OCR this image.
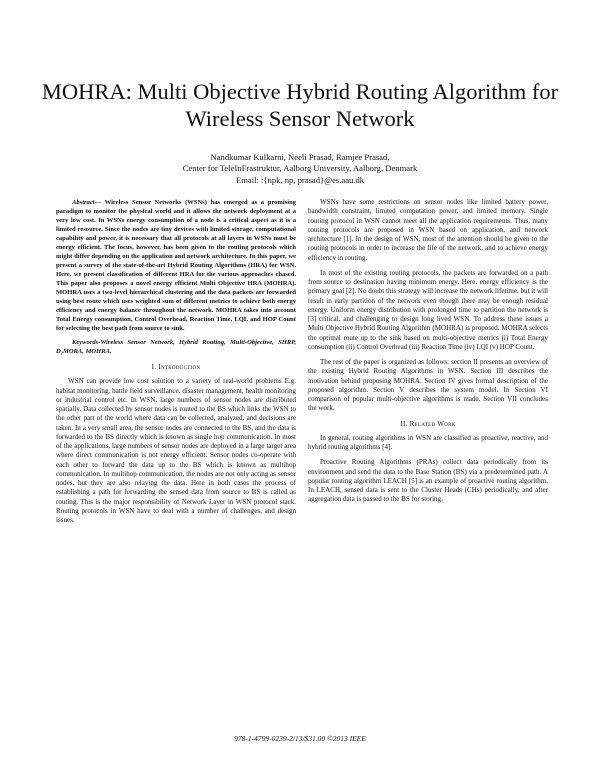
MOHRA: Multi Objective Hybrid Routing Algorithm for Wireless Sensor Network
Nandkumar Kulkarni, Neeli Prasad, Ramjee Prasad,
Center for TeleInFrastruktur, Aalborg University, Aalborg, Denmark
Email: :{npk, np, prasad}@es.aau.dk

Abstract— Wireless Sensor Networks (WSNs) has emerged as a promising paradigm to monitor the physical world and it allows the network deployment at a very low cost. In WSNs energy consumption of a node is a critical aspect as it is a limited resource. Since the nodes are tiny devices with limited storage, computational capability and power, it is necessary that all protocols at all layers in WSNs must be energy efficient. The focus, however, has been given to the routing protocols which might differ depending on the application and network architecture. In this paper, we present a survey of the state-of-the-art Hybrid Routing Algorithms (HRA) for WSN. Here, we present classification of different HRA for the various approaches chased. This paper also proposes a novel energy efficient Multi Objective HRA (MOHRA). MOHRA uses a two-level hierarchical clustering and the data packets are forwarded using best route which uses weighted sum of different metrics to achieve both energy efficiency and energy balance throughout the network. MOHRA takes into account Total Energy consumption, Control Overhead, Reaction Time, LQI, and HOP Count for selecting the best path from source to sink.

Keywords-Wireless Sensor Network, Hybrid Routing, Multi-Objective, SHRP, D₂MORA, MOHRA.

I. Introduction

WSN can provide low cost solution to a variety of real-world problems E.g. habitat monitoring, battle field surveillance, disaster management, health monitoring or industrial control etc. In WSN, large numbers of sensor nodes are distributed spatially. Data collected by sensor nodes is routed to the BS which links the WSN to the other part of the world where data can be collected, analyzed, and decisions are taken. In a very small area, the sensor nodes are connected to the BS, and the data is forwarded to the BS directly which is known as single hop communication. In most of the applications, large numbers of sensor nodes are deployed in a large target area where direct communication is not energy efficient. Sensor nodes co-operate with each other to forward the data up to the BS which is known as multihop communication. In multihop communication, the nodes are not only acting as sensor nodes, but they are also relaying the data. Here in both cases the process of establishing a path for forwarding the sensed data from source to BS is called as routing. This is the major responsibility of Network Layer in WSN protocol stack. Routing protocols in WSN have to deal with a number of challenges, and design issues.

WSNs have some restrictions on sensor nodes like limited battery power, bandwidth constraint, limited computation power, and limited memory. Single routing protocol in WSN cannot meet all the application requirements. Thus, many routing protocols are proposed in WSN based on application, and network architecture [1]. In the design of WSN, most of the attention should be given to the routing protocols in order to increase the life of the network, and to achieve energy efficiency in routing.

In most of the existing routing protocols, the packets are forwarded on a path from source to destination having minimum energy. Here, energy efficiency is the primary goal [2]. No doubt this strategy will increase the network lifetime, but it will result in early partition of the network even though there may be enough residual energy. Uniform energy distribution with prolonged time to partition the network is [3] critical, and challenging to design long lived WSN. To address these issues a Multi Objective Hybrid Routing Algorithm (MOHRA) is proposed. MOHRA selects the optimal route up to the sink based on multi-objective metrics (i) Total Energy consumption (ii) Control Overhead (iii) Reaction Time (iv) LQI (v) HOP Count.

The rest of the paper is organized as follows: section II presents an overview of the existing Hybrid Routing Algorithms in WSN. Section III describes the motivation behind proposing MOHRA. Section IV gives formal description of the proposed algorithm. Section V describes the system model. In Section VI comparison of popular multi-objective algorithms is made. Section VII concludes the work.

II. Related Work

In general, routing algorithms in WSN are classified as proactive, reactive, and hybrid routing algorithms [4].

Proactive Routing Algorithms (PRAs) collect data periodically from its environment and send the data to the Base Station (BS) via a predetermined path. A popular routing algorithm LEACH [5] is an example of proactive routing algorithm. In LEACH, sensed data is sent to the Cluster Heads (CHs) periodically, and after aggregation data is passed to the BS for storing.

978-1-4799-0239-2/13/$31.00 ©2013 IEEE
